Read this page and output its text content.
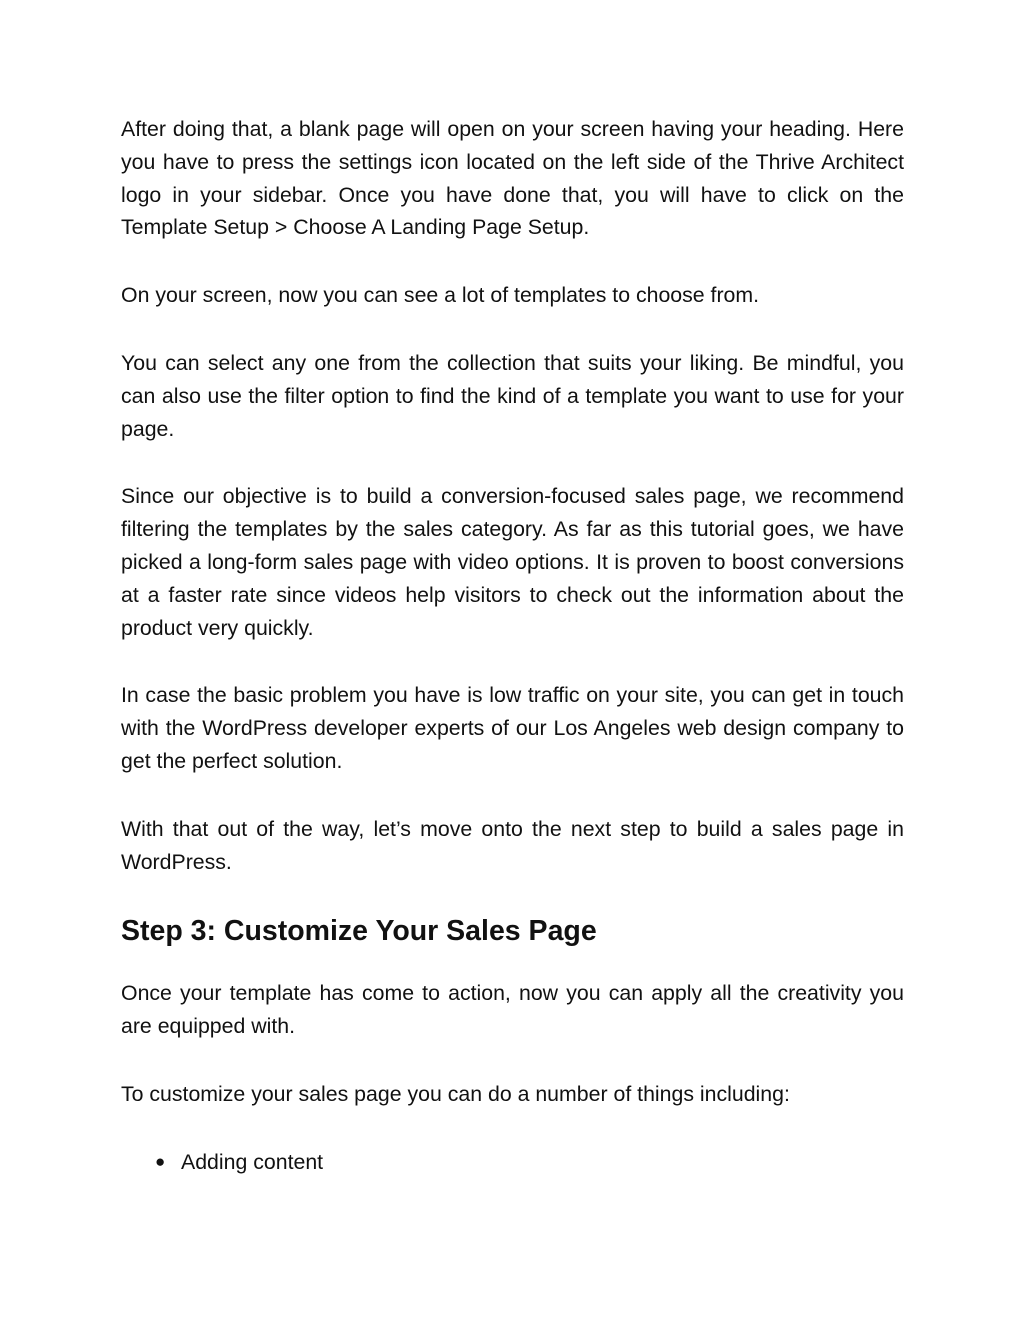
After doing that, a blank page will open on your screen having your heading. Here you have to press the settings icon located on the left side of the Thrive Architect logo in your sidebar. Once you have done that, you will have to click on the Template Setup > Choose A Landing Page Setup.

On your screen, now you can see a lot of templates to choose from.

You can select any one from the collection that suits your liking. Be mindful, you can also use the filter option to find the kind of a template you want to use for your page.

Since our objective is to build a conversion-focused sales page, we recommend filtering the templates by the sales category. As far as this tutorial goes, we have picked a long-form sales page with video options. It is proven to boost conversions at a faster rate since videos help visitors to check out the information about the product very quickly.

In case the basic problem you have is low traffic on your site, you can get in touch with the WordPress developer experts of our Los Angeles web design company to get the perfect solution.

With that out of the way, let’s move onto the next step to build a sales page in WordPress.

Step 3: Customize Your Sales Page

Once your template has come to action, now you can apply all the creativity you are equipped with.

To customize your sales page you can do a number of things including:

● Adding content
